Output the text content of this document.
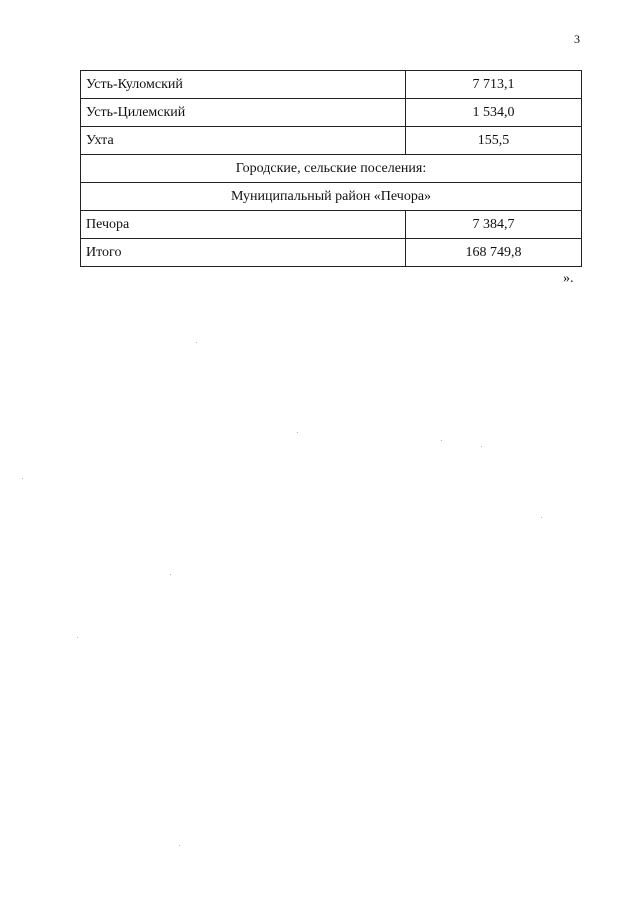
3
Усть-Куломский	7 713,1
Усть-Цилемский	1 534,0
Ухта	155,5
Городские, сельские поселения:	
Муниципальный район «Печора»	
Печора	7 384,7
Итого	168 749,8
».
